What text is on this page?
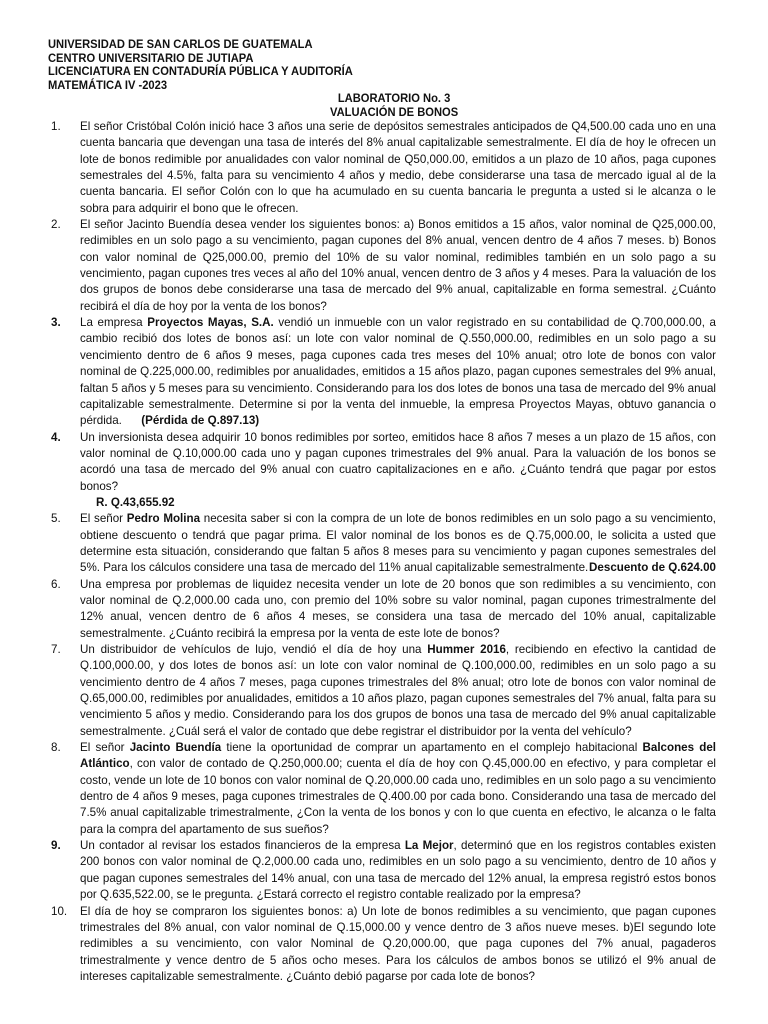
UNIVERSIDAD DE SAN CARLOS DE GUATEMALA
CENTRO UNIVERSITARIO DE JUTIAPA
LICENCIATURA EN CONTADURÍA PÚBLICA Y AUDITORÍA
MATEMÁTICA IV -2023
LABORATORIO No. 3
VALUACIÓN DE BONOS

1. El señor Cristóbal Colón inició hace 3 años una serie de depósitos semestrales anticipados de Q4,500.00 cada uno en una cuenta bancaria que devengan una tasa de interés del 8% anual capitalizable semestralmente. El día de hoy le ofrecen un lote de bonos redimible por anualidades con valor nominal de Q50,000.00, emitidos a un plazo de 10 años, paga cupones semestrales del 4.5%, falta para su vencimiento 4 años y medio, debe considerarse una tasa de mercado igual al de la cuenta bancaria. El señor Colón con lo que ha acumulado en su cuenta bancaria le pregunta a usted si le alcanza o le sobra para adquirir el bono que le ofrecen.

2. El señor Jacinto Buendía desea vender los siguientes bonos: a) Bonos emitidos a 15 años, valor nominal de Q25,000.00, redimibles en un solo pago a su vencimiento, pagan cupones del 8% anual, vencen dentro de 4 años 7 meses. b) Bonos con valor nominal de Q25,000.00, premio del 10% de su valor nominal, redimibles también en un solo pago a su vencimiento, pagan cupones tres veces al año del 10% anual, vencen dentro de 3 años y 4 meses. Para la valuación de los dos grupos de bonos debe considerarse una tasa de mercado del 9% anual, capitalizable en forma semestral. ¿Cuánto recibirá el día de hoy por la venta de los bonos?

3. La empresa Proyectos Mayas, S.A. vendió un inmueble con un valor registrado en su contabilidad de Q.700,000.00, a cambio recibió dos lotes de bonos así: un lote con valor nominal de Q.550,000.00, redimibles en un solo pago a su vencimiento dentro de 6 años 9 meses, paga cupones cada tres meses del 10% anual; otro lote de bonos con valor nominal de Q.225,000.00, redimibles por anualidades, emitidos a 15 años plazo, pagan cupones semestrales del 9% anual, faltan 5 años y 5 meses para su vencimiento. Considerando para los dos lotes de bonos una tasa de mercado del 9% anual capitalizable semestralmente. Determine si por la venta del inmueble, la empresa Proyectos Mayas, obtuvo ganancia o pérdida. (Pérdida de Q.897.13)

4. Un inversionista desea adquirir 10 bonos redimibles por sorteo, emitidos hace 8 años 7 meses a un plazo de 15 años, con valor nominal de Q.10,000.00 cada uno y pagan cupones trimestrales del 9% anual. Para la valuación de los bonos se acordó una tasa de mercado del 9% anual con cuatro capitalizaciones en e año. ¿Cuánto tendrá que pagar por estos bonos?
R. Q.43,655.92

5. El señor Pedro Molina necesita saber si con la compra de un lote de bonos redimibles en un solo pago a su vencimiento, obtiene descuento o tendrá que pagar prima. El valor nominal de los bonos es de Q.75,000.00, le solicita a usted que determine esta situación, considerando que faltan 5 años 8 meses para su vencimiento y pagan cupones semestrales del 5%. Para los cálculos considere una tasa de mercado del 11% anual capitalizable semestralmente. Descuento de Q.624.00

6. Una empresa por problemas de liquidez necesita vender un lote de 20 bonos que son redimibles a su vencimiento, con valor nominal de Q.2,000.00 cada uno, con premio del 10% sobre su valor nominal, pagan cupones trimestralmente del 12% anual, vencen dentro de 6 años 4 meses, se considera una tasa de mercado del 10% anual, capitalizable semestralmente. ¿Cuánto recibirá la empresa por la venta de este lote de bonos?

7. Un distribuidor de vehículos de lujo, vendió el día de hoy una Hummer 2016, recibiendo en efectivo la cantidad de Q.100,000.00, y dos lotes de bonos así: un lote con valor nominal de Q.100,000.00, redimibles en un solo pago a su vencimiento dentro de 4 años 7 meses, paga cupones trimestrales del 8% anual; otro lote de bonos con valor nominal de Q.65,000.00, redimibles por anualidades, emitidos a 10 años plazo, pagan cupones semestrales del 7% anual, falta para su vencimiento 5 años y medio. Considerando para los dos grupos de bonos una tasa de mercado del 9% anual capitalizable semestralmente. ¿Cuál será el valor de contado que debe registrar el distribuidor por la venta del vehículo?

8. El señor Jacinto Buendía tiene la oportunidad de comprar un apartamento en el complejo habitacional Balcones del Atlántico, con valor de contado de Q.250,000.00; cuenta el día de hoy con Q.45,000.00 en efectivo, y para completar el costo, vende un lote de 10 bonos con valor nominal de Q.20,000.00 cada uno, redimibles en un solo pago a su vencimiento dentro de 4 años 9 meses, paga cupones trimestrales de Q.400.00 por cada bono. Considerando una tasa de mercado del 7.5% anual capitalizable trimestralmente, ¿Con la venta de los bonos y con lo que cuenta en efectivo, le alcanza o le falta para la compra del apartamento de sus sueños?

9. Un contador al revisar los estados financieros de la empresa La Mejor, determinó que en los registros contables existen 200 bonos con valor nominal de Q.2,000.00 cada uno, redimibles en un solo pago a su vencimiento, dentro de 10 años y que pagan cupones semestrales del 14% anual, con una tasa de mercado del 12% anual, la empresa registró estos bonos por Q.635,522.00, se le pregunta. ¿Estará correcto el registro contable realizado por la empresa?

10. El día de hoy se compraron los siguientes bonos: a) Un lote de bonos redimibles a su vencimiento, que pagan cupones trimestrales del 8% anual, con valor nominal de Q.15,000.00 y vence dentro de 3 años nueve meses. b)El segundo lote redimibles a su vencimiento, con valor Nominal de Q.20,000.00, que paga cupones del 7% anual, pagaderos trimestralmente y vence dentro de 5 años ocho meses. Para los cálculos de ambos bonos se utilizó el 9% anual de intereses capitalizable semestralmente. ¿Cuánto debió pagarse por cada lote de bonos?
